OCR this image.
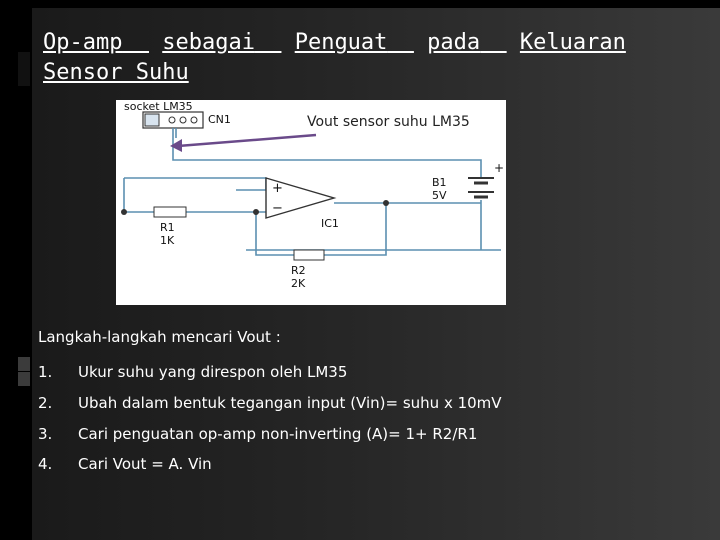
Op-amp sebagai Penguat pada Keluaran
Sensor Suhu
socket LM35
CN1
B1
5V
R1
1K
R2
2K
IC1
+
−
+
Vout sensor suhu LM35
Langkah-langkah mencari Vout :
1.	Ukur suhu yang direspon oleh LM35
2.	Ubah dalam bentuk tegangan input (Vin)= suhu x 10mV
3.	Cari penguatan op-amp non-inverting (A)= 1+ R2/R1
4.	Cari Vout = A. Vin
